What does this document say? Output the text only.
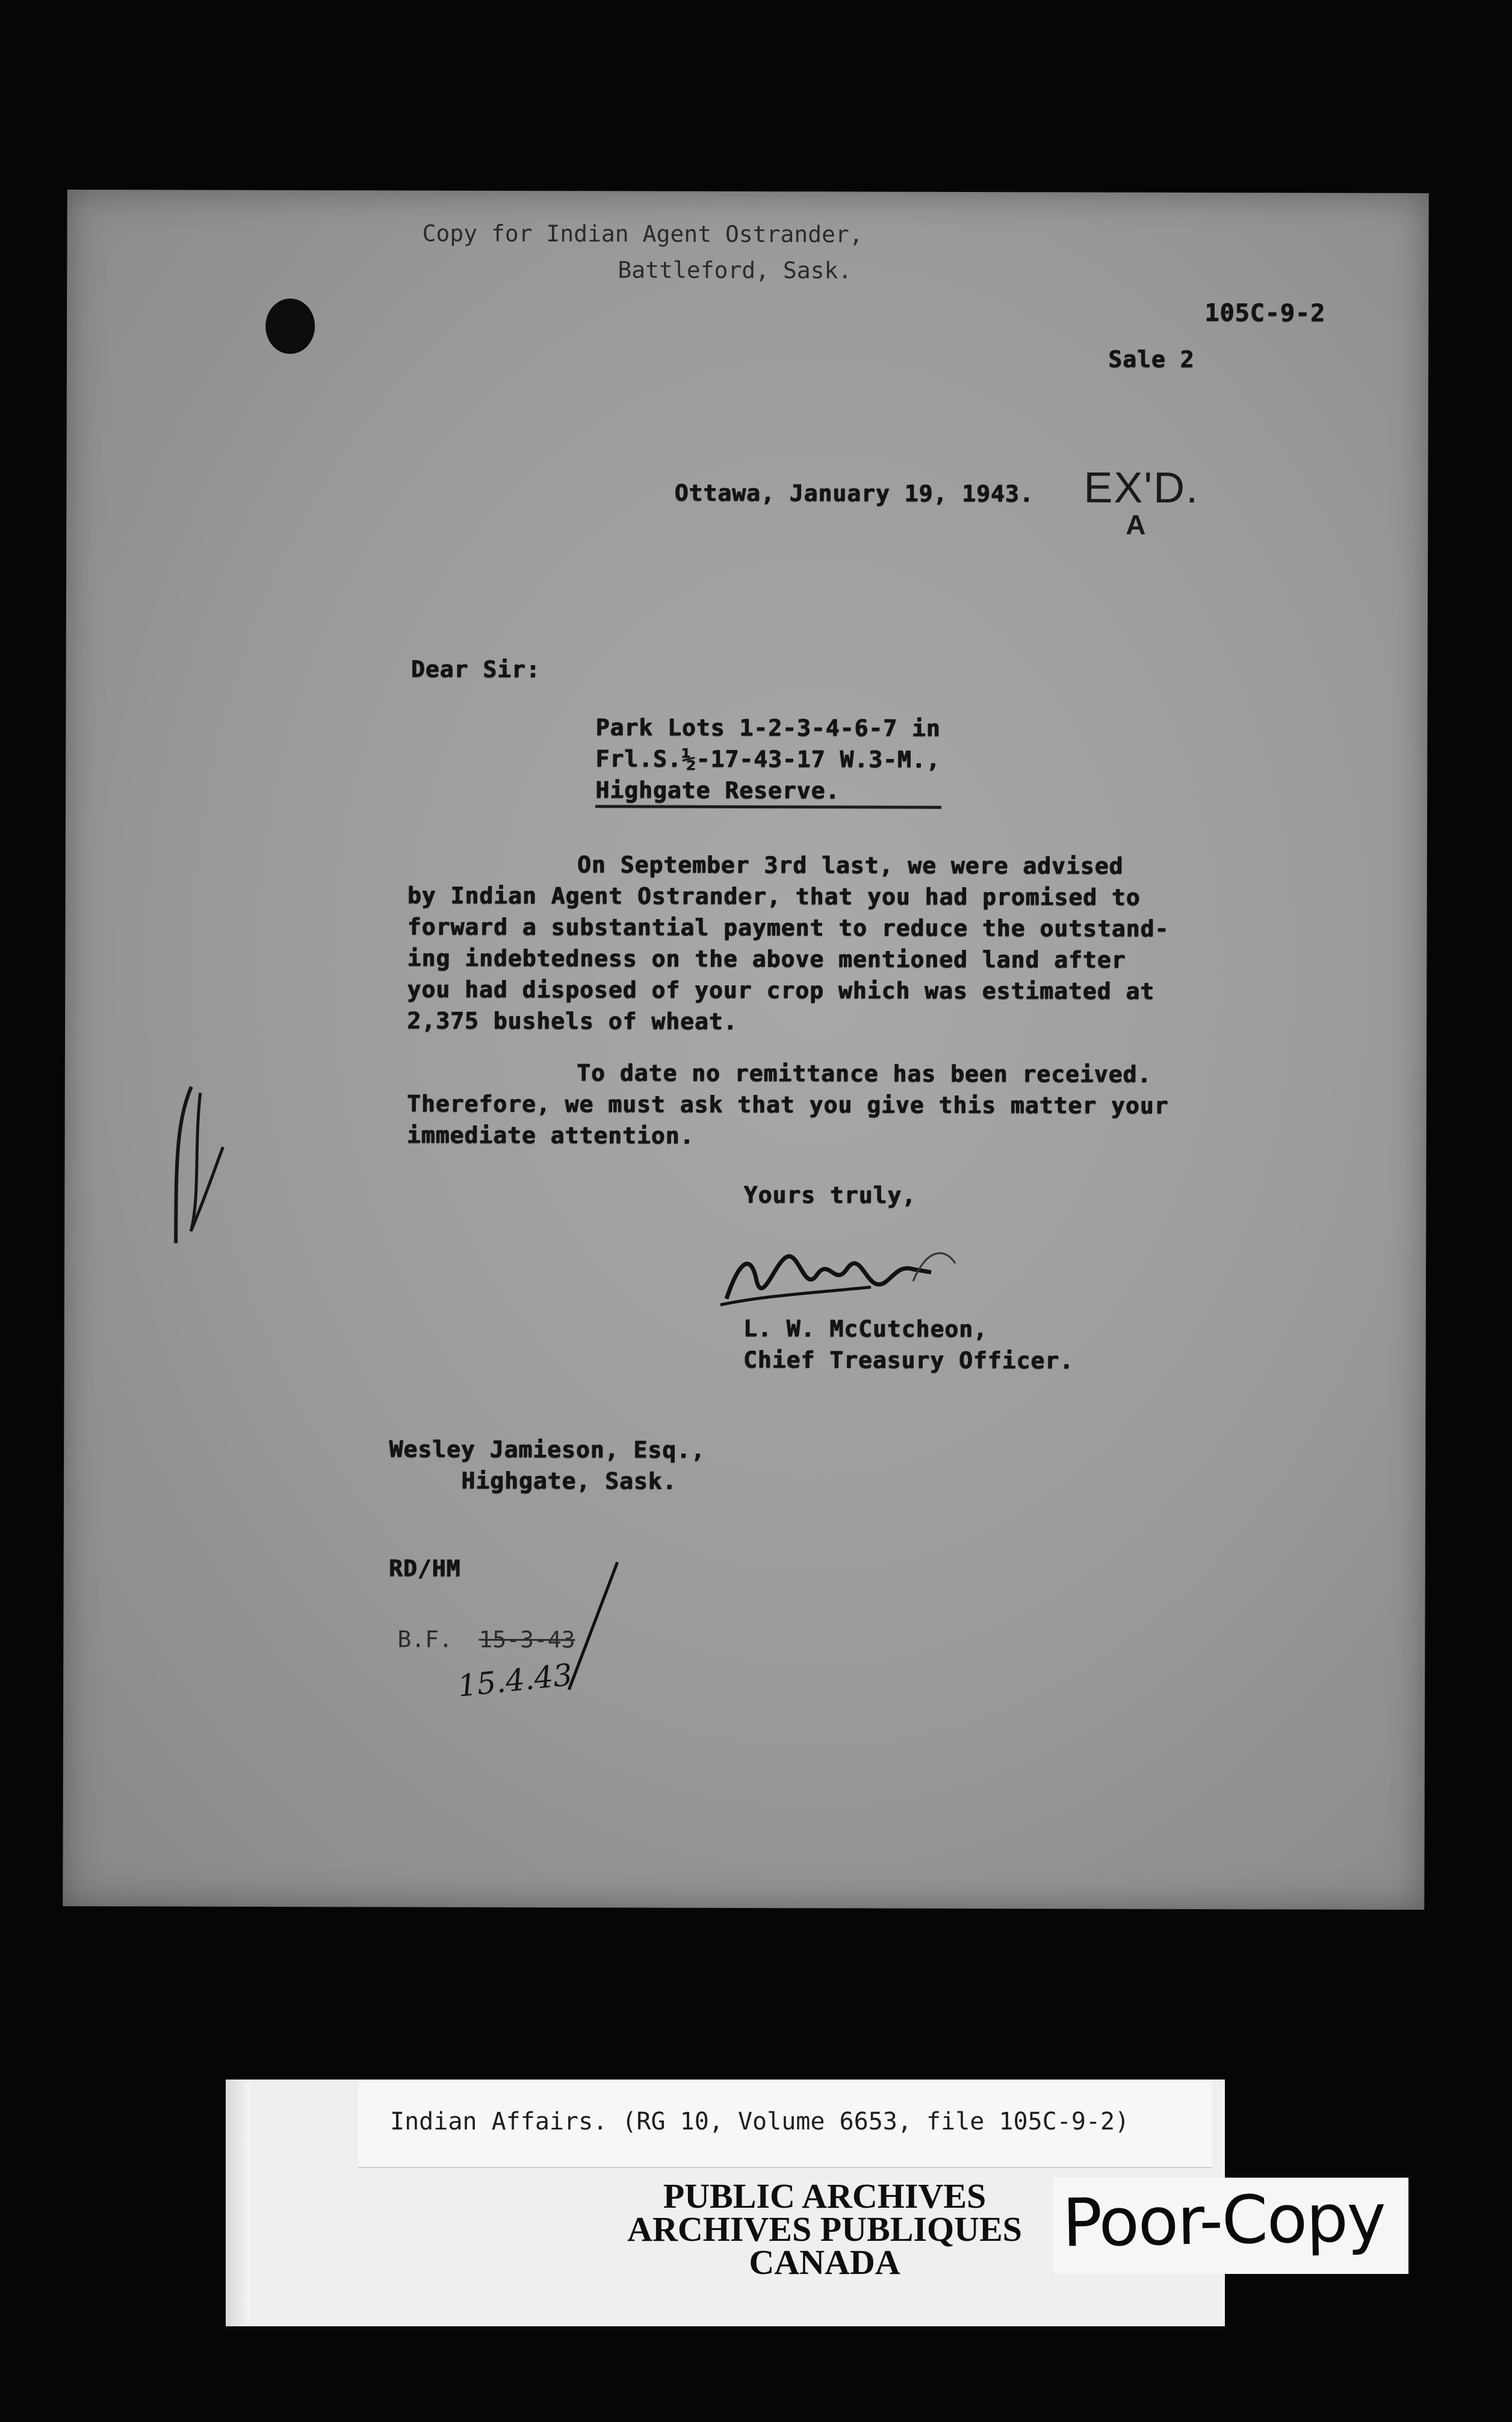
Copy for Indian Agent Ostrander,
Battleford, Sask.
105C-9-2
Sale 2
Ottawa, January 19, 1943.
Dear Sir:
EX'D.
A
Park Lots 1-2-3-4-6-7 in
Frl.S.½-17-43-17 W.3-M.,
Highgate Reserve.
On September 3rd last, we were advised
by Indian Agent Ostrander, that you had promised to
forward a substantial payment to reduce the outstand-
ing indebtedness on the above mentioned land after
you had disposed of your crop which was estimated at
2,375 bushels of wheat.
To date no remittance has been received.
Therefore, we must ask that you give this matter your
immediate attention.
Yours truly,
L. W. McCutcheon,
Chief Treasury Officer.
Wesley Jamieson, Esq.,
Highgate, Sask.
RD/HM
B.F. 15-3-43
15.4.43
Indian Affairs. (RG 10, Volume 6653, file 105C-9-2)
PUBLIC ARCHIVES
ARCHIVES PUBLIQUES
CANADA
Poor-Copy
